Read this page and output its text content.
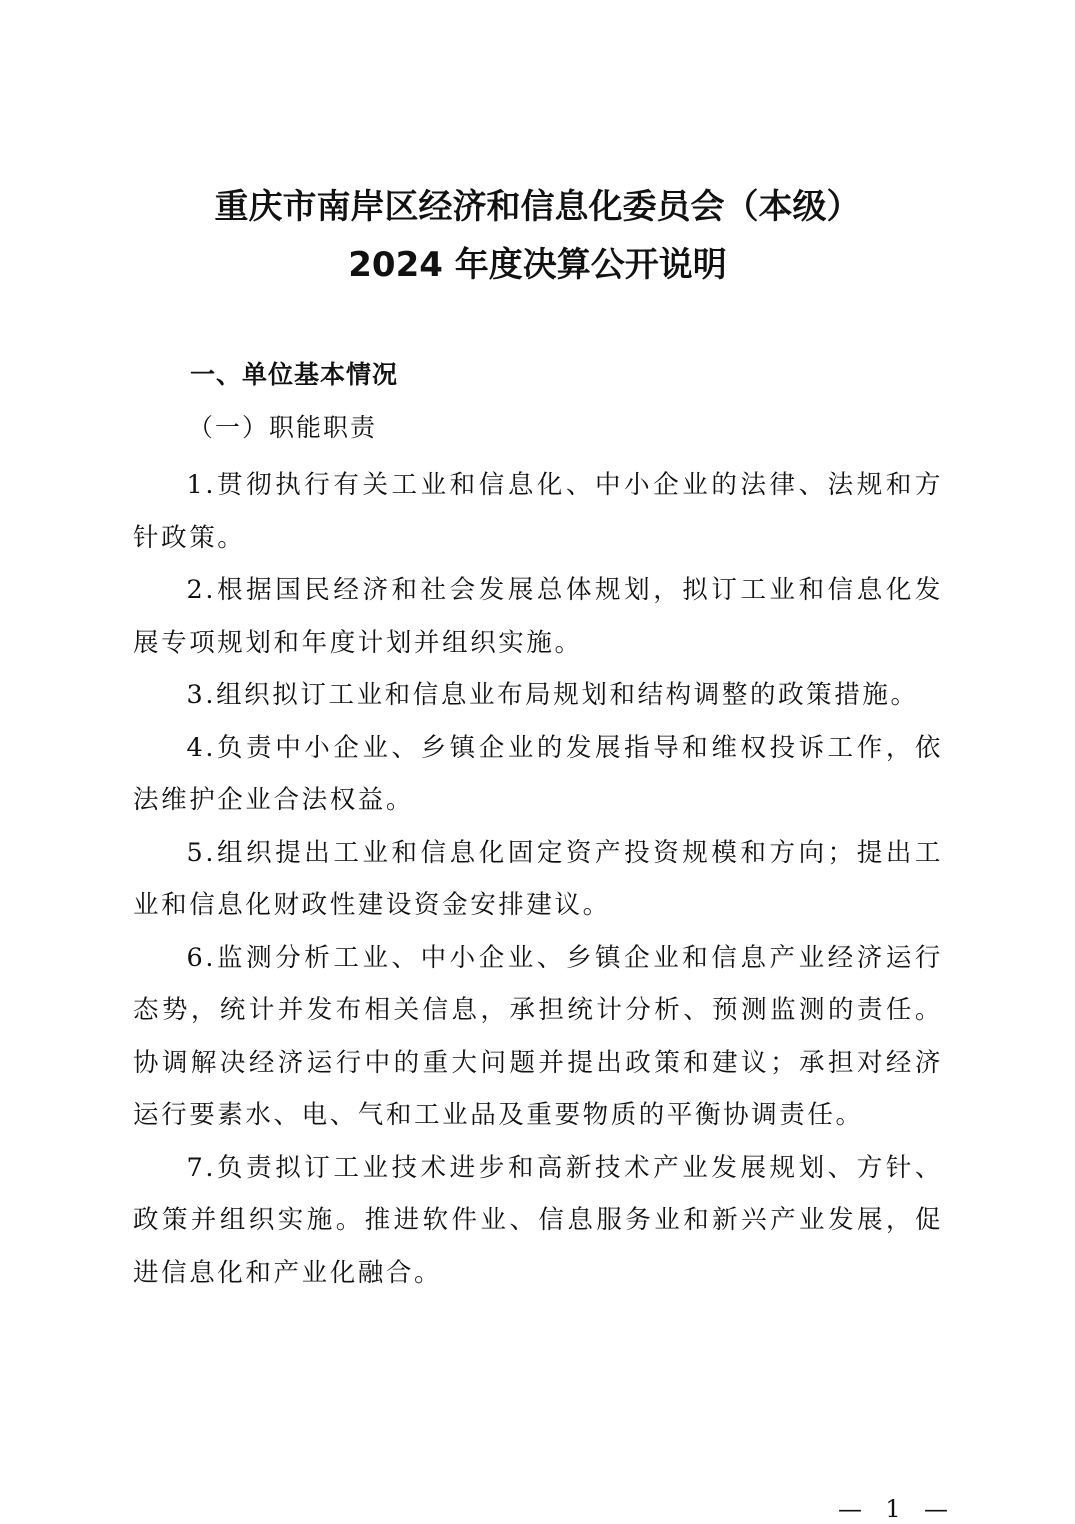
重庆市南岸区经济和信息化委员会（本级）
2024 年度决算公开说明
一、单位基本情况
（一）职能职责

1.贯彻执行有关工业和信息化、中小企业的法律、法规和方针政策。

2.根据国民经济和社会发展总体规划，拟订工业和信息化发展专项规划和年度计划并组织实施。

3.组织拟订工业和信息业布局规划和结构调整的政策措施。

4.负责中小企业、乡镇企业的发展指导和维权投诉工作，依法维护企业合法权益。

5.组织提出工业和信息化固定资产投资规模和方向；提出工业和信息化财政性建设资金安排建议。

6.监测分析工业、中小企业、乡镇企业和信息产业经济运行态势，统计并发布相关信息，承担统计分析、预测监测的责任。协调解决经济运行中的重大问题并提出政策和建议；承担对经济运行要素水、电、气和工业品及重要物质的平衡协调责任。

7.负责拟订工业技术进步和高新技术产业发展规划、方针、政策并组织实施。推进软件业、信息服务业和新兴产业发展，促进信息化和产业化融合。

— 1 —
